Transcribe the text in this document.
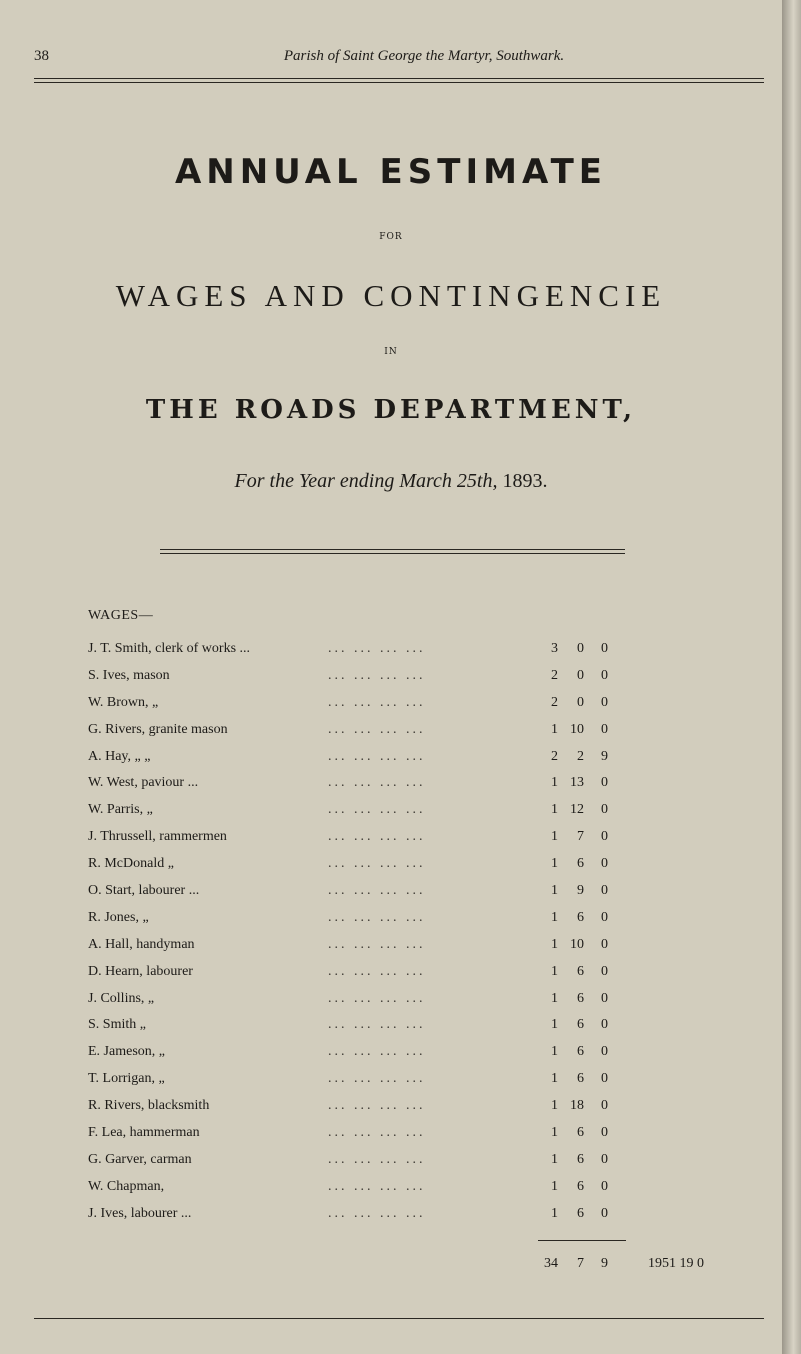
38	Parish of Saint George the Martyr, Southwark.
ANNUAL ESTIMATE
FOR
WAGES AND CONTINGENCIE
IN
THE ROADS DEPARTMENT,
For the Year ending March 25th, 1893.
WAGES—
J. T. Smith, clerk of works ...	... ... ... ...	3	0	0
S. Ives, mason	... ... ... ...	2	0	0
W. Brown, „	... ... ... ...	2	0	0
G. Rivers, granite mason	... ... ... ...	1 10	0
A. Hay, „ „	... ... ... ...	2	2	9
W. West, paviour ...	... ... ... ...	1 13	0
W. Parris, „	... ... ... ...	1 12	0
J. Thrussell, rammermen	... ... ... ...	1	7	0
R. McDonald „	... ... ... ...	1	6	0
O. Start, labourer ...	... ... ... ...	1	9	0
R. Jones, „	... ... ... ...	1	6	0
A. Hall, handyman	... ... ... ...	1 10	0
D. Hearn, labourer	... ... ... ...	1	6	0
J. Collins, „	... ... ... ...	1	6	0
S. Smith „	... ... ... ...	1	6	0
E. Jameson, „	... ... ... ...	1	6	0
T. Lorrigan, „	... ... ... ...	1	6	0
R. Rivers, blacksmith	... ... ... ...	1 18	0
F. Lea, hammerman	... ... ... ...	1	6	0
G. Garver, carman	... ... ... ...	1	6	0
W. Chapman,	... ... ... ...	1	6	0
J. Ives, labourer ...	... ... ... ...	1	6	0
34	7	9	1951 19 0
